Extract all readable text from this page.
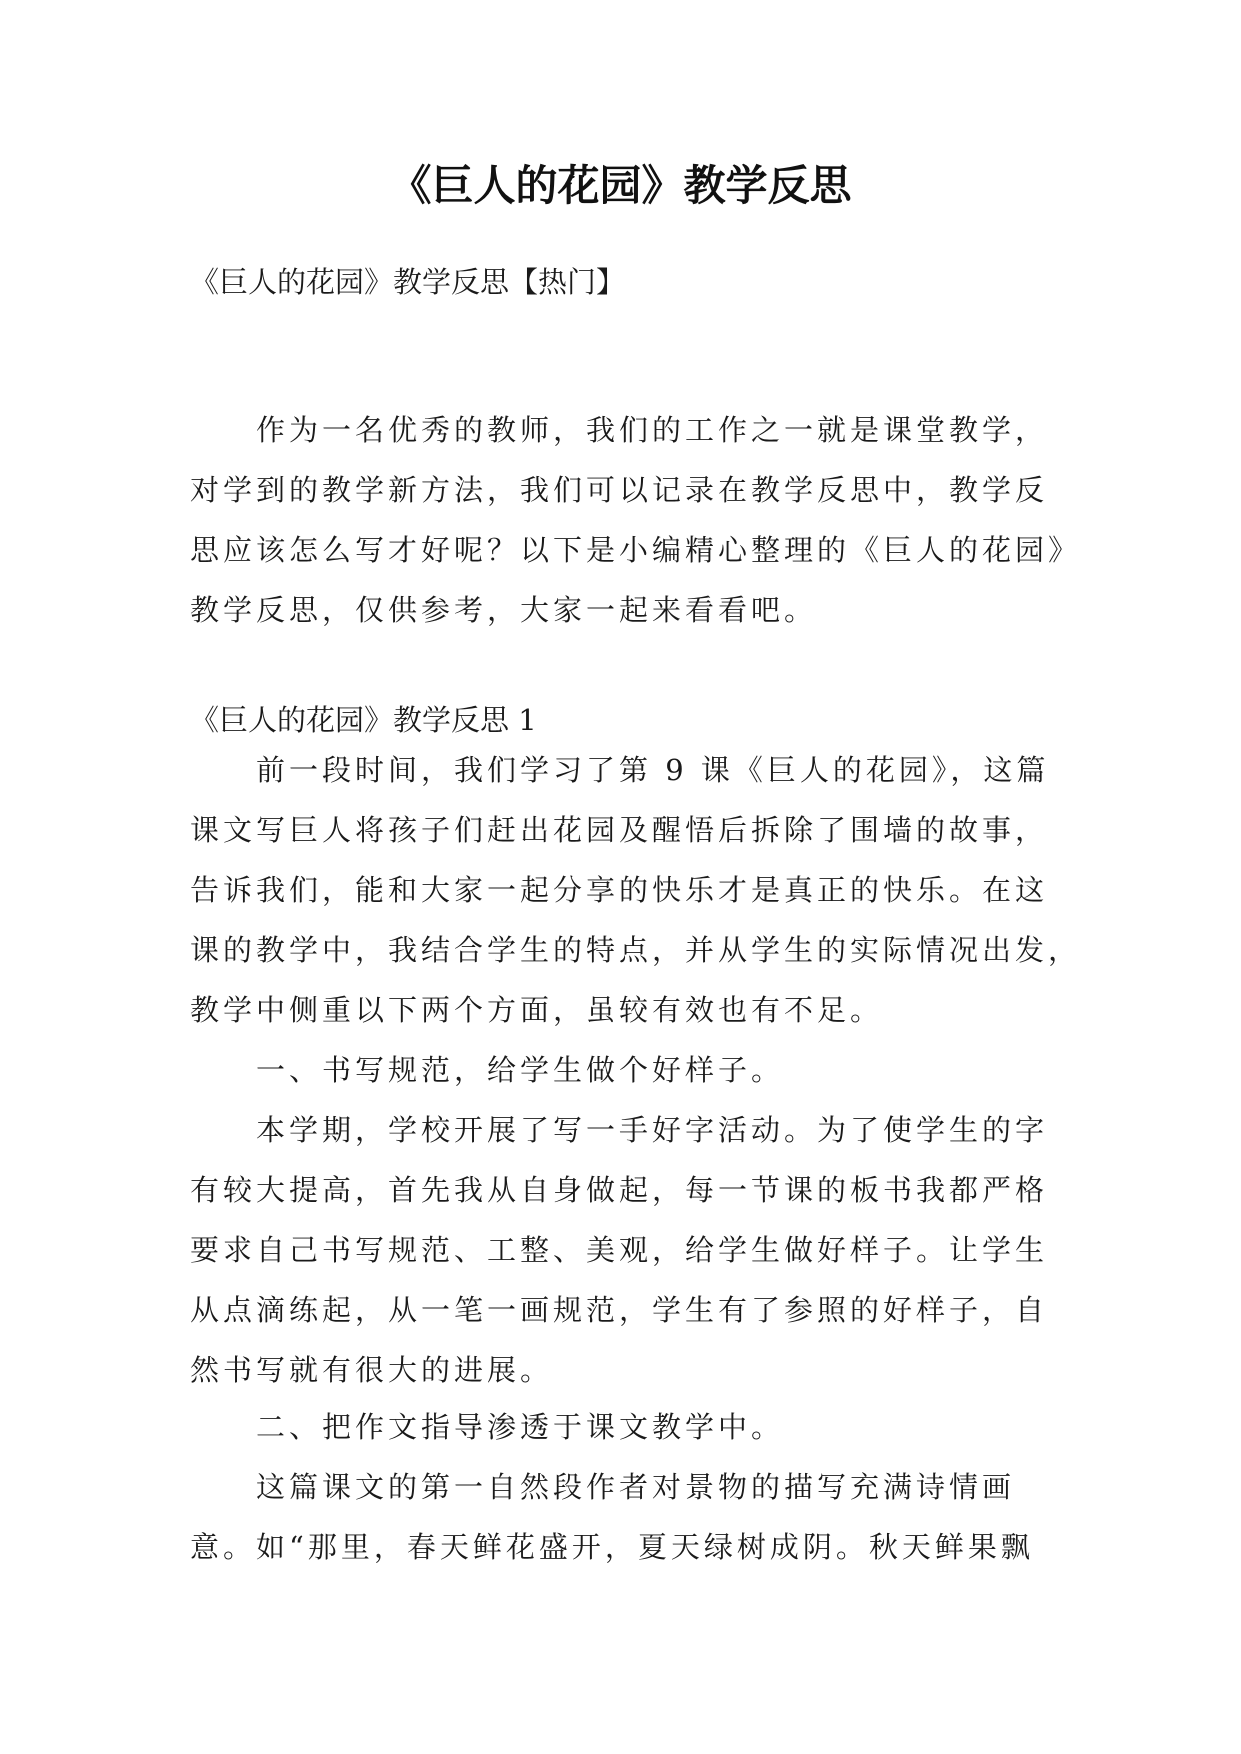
《巨人的花园》教学反思

《巨人的花园》教学反思【热门】

作为一名优秀的教师，我们的工作之一就是课堂教学，
对学到的教学新方法，我们可以记录在教学反思中，教学反
思应该怎么写才好呢？以下是小编精心整理的《巨人的花园》
教学反思，仅供参考，大家一起来看看吧。

《巨人的花园》教学反思 1

前一段时间，我们学习了第 9 课《巨人的花园》，这篇
课文写巨人将孩子们赶出花园及醒悟后拆除了围墙的故事，
告诉我们，能和大家一起分享的快乐才是真正的快乐。在这
课的教学中，我结合学生的特点，并从学生的实际情况出发，
教学中侧重以下两个方面，虽较有效也有不足。

一、书写规范，给学生做个好样子。

本学期，学校开展了写一手好字活动。为了使学生的字
有较大提高，首先我从自身做起，每一节课的板书我都严格
要求自己书写规范、工整、美观，给学生做好样子。让学生
从点滴练起，从一笔一画规范，学生有了参照的好样子，自
然书写就有很大的进展。

二、把作文指导渗透于课文教学中。

这篇课文的第一自然段作者对景物的描写充满诗情画
意。如“那里，春天鲜花盛开，夏天绿树成阴。秋天鲜果飘
